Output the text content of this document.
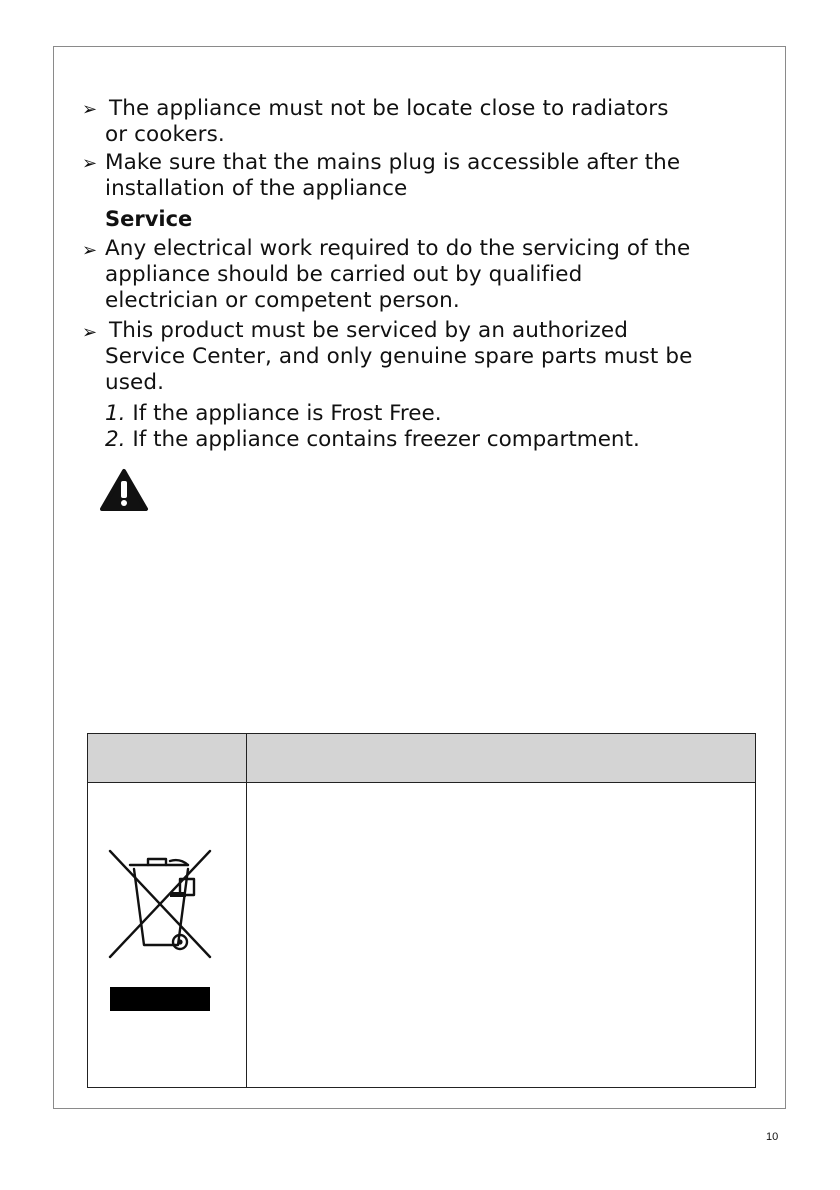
➢ The appliance must not be locate close to radiators
or cookers.
➢ Make sure that the mains plug is accessible after the
installation of the appliance
Service
➢ Any electrical work required to do the servicing of the
appliance should be carried out by qualified
electrician or competent person.
➢ This product must be serviced by an authorized
Service Center, and only genuine spare parts must be
used.
1. If the appliance is Frost Free.
2. If the appliance contains freezer compartment.
10
